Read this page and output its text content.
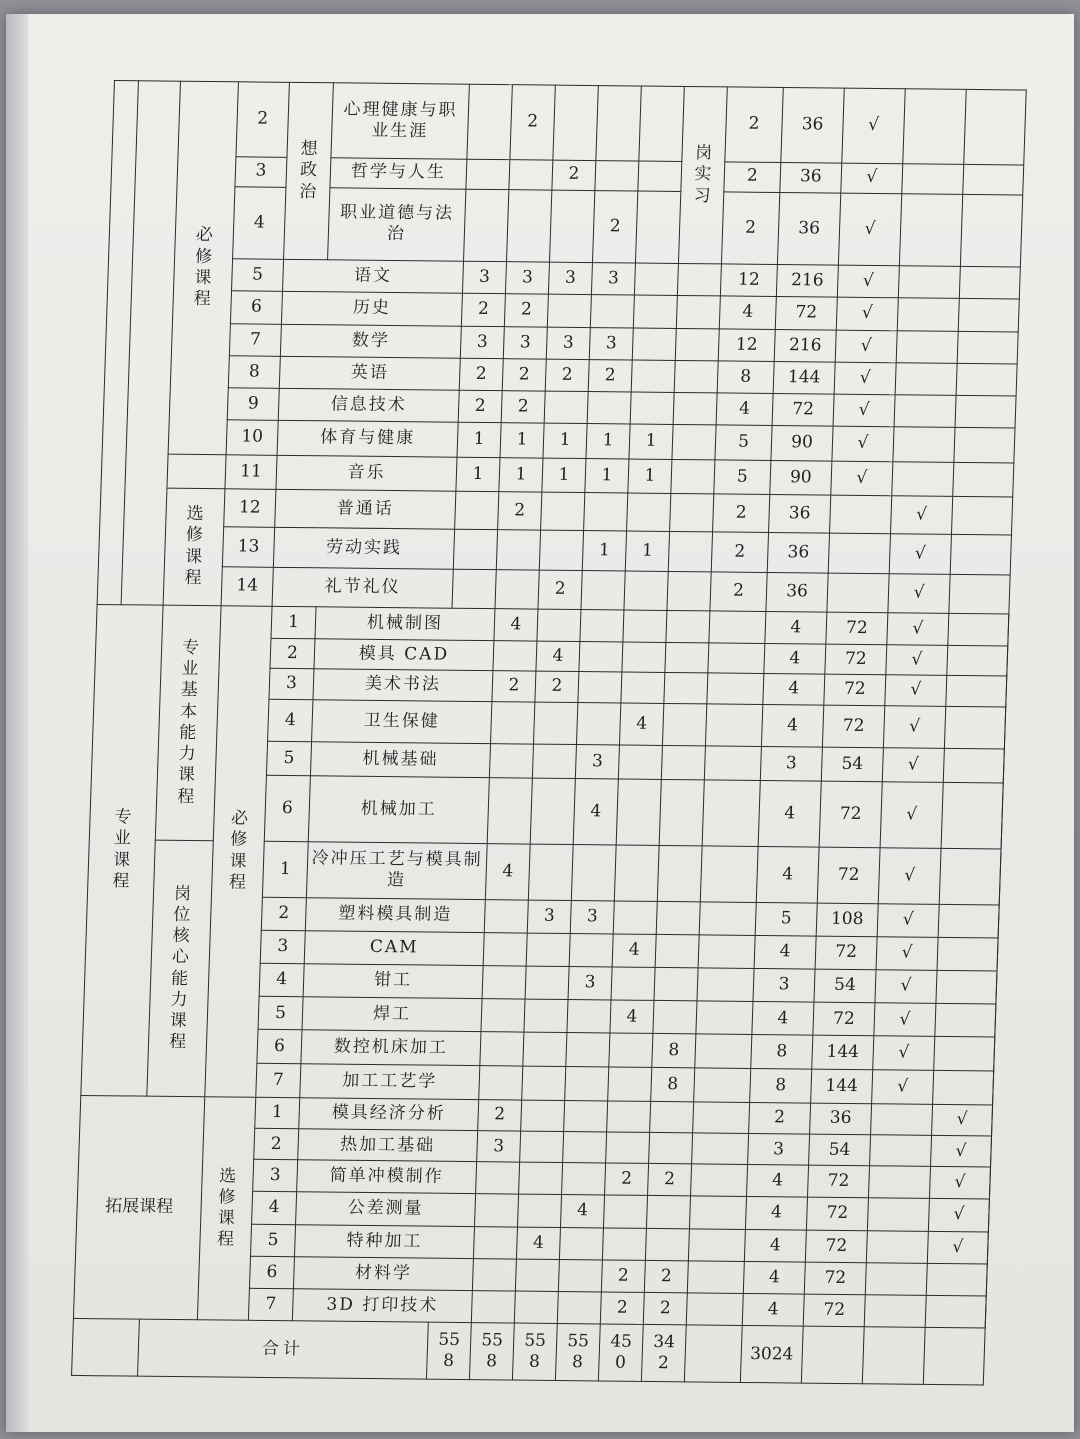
		必修课程	2	想政治	心理健康与职业生涯		2				岗实习	2	36	√			
			3		哲学与人生			2				2	36	√			
			4		职业道德与法治				2			2	36	√			
			5	语文		3	3	3	3			12	216	√			
			6	历史		2	2					4	72	√			
			7	数学		3	3	3	3			12	216	√			
			8	英语		2	2	2	2			8	144	√			
			9	信息技术		2	2					4	72	√			
			10	体育与健康		1	1	1	1	1		5	90	√			
			11	音乐		1	1	1	1	1		5	90	√			
		选修课程	12	普通话			2					2	36		√		
			13	劳动实践					1	1		2	36		√		
			14	礼节礼仪				2				2	36		√		
专业课程		专业基本能力课程	必修课程	1	机械制图		4						4	72	√		
				2	模具 CAD			4					4	72	√		
				3	美术书法		2	2					4	72	√		
				4	卫生保健					4			4	72	√		
				5	机械基础				3				3	54	√		
				6	机械加工				4				4	72	√		
		岗位核心能力课程		1	冷冲压工艺与模具制造		4						4	72	√		
				2	塑料模具制造			3	3				5	108	√		
				3	CAM					4			4	72	√		
				4	钳工				3				3	54	√		
				5	焊工					4			4	72	√		
				6	数控机床加工						8		8	144	√		
				7	加工工艺学						8		8	144	√		
拓展课程			选修课程	1	模具经济分析		2						2	36		√	
				2	热加工基础		3						3	54		√	
				3	简单冲模制作					2	2		4	72		√	
				4	公差测量				4				4	72		√	
				5	特种加工			4					4	72		√	
				6	材料学					2	2		4	72			
				7	3D 打印技术					2	2		4	72			
		合计				558	558	558	558	450	342		3024				
